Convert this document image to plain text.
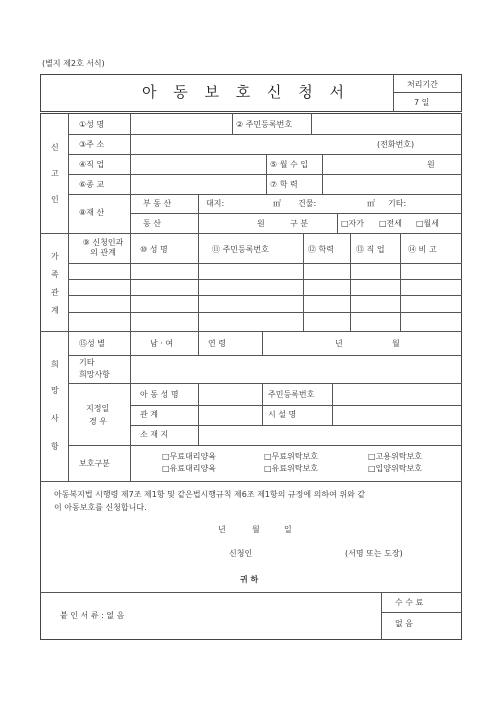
(별지 제2호 서식)
아 동 보 호 신 청 서	처리기간
7 일
신
고
인
①성 명	② 주민등록번호
③주 소	(전화번호)
④직 업	⑤ 월 수 입	원
⑥종 교	⑦ 학 력
⑧재 산
부 동 산	대지:	㎡ 건물:	㎡ 기타:
동 산	원	구 분	□자가 □전세 □월세
가
족
관
계
⑨ 신청인과
의 관계	⑩ 성 명	⑪ 주민등록번호	⑫ 학력	⑬ 직 업	⑭ 비 고
희
망
사
항
⑮성 별	남 · 여	연 령	년	월
기타
희망사항
지정일
경 우
아 동 성 명	주민등록번호
관 계	시 설 명
소 재 지
보호구분
□무료대리양육	□무료위탁보호	□고용위탁보호
□유료대리양육	□유료위탁보호	□입양위탁보호
아동복지법 시행령 제7조 제1항 및 같은법시행규칙 제6조 제1항의 규정에 의하여 위와 같
이 아동보호를 신청합니다.
년	월	일
신청인	(서명 또는 도장)
귀 하
붙 인 서 류 : 없 음
수 수 료
없 음
